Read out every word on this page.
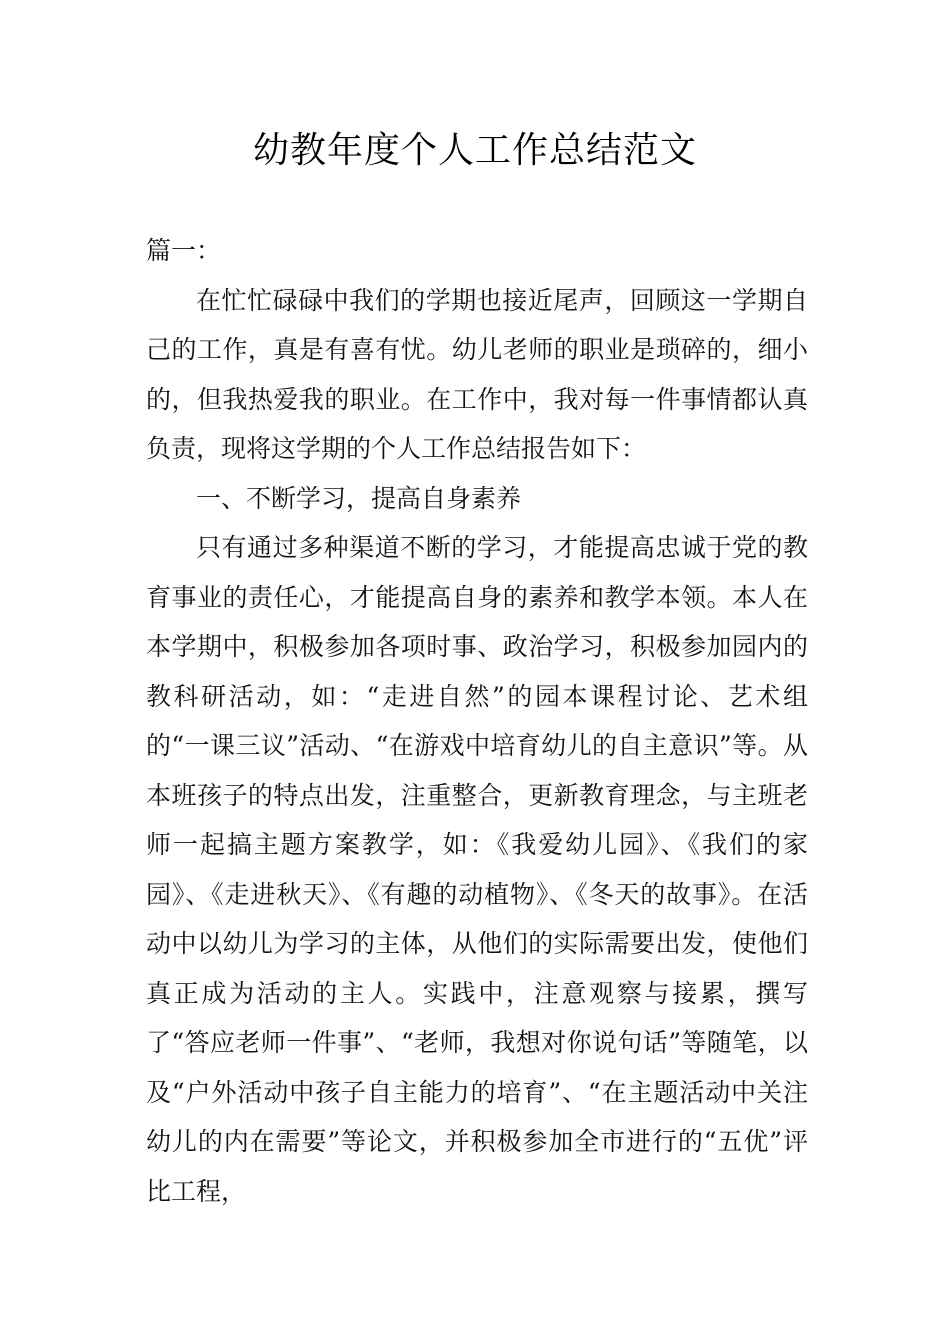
幼教年度个人工作总结范文

篇一：

在忙忙碌碌中我们的学期也接近尾声，回顾这一学期自己的工作，真是有喜有忧。幼儿老师的职业是琐碎的，细小的，但我热爱我的职业。在工作中，我对每一件事情都认真负责，现将这学期的个人工作总结报告如下：

一、不断学习，提高自身素养

只有通过多种渠道不断的学习，才能提高忠诚于党的教育事业的责任心，才能提高自身的素养和教学本领。本人在本学期中，积极参加各项时事、政治学习，积极参加园内的教科研活动，如：“走进自然”的园本课程讨论、艺术组的“一课三议”活动、“在游戏中培育幼儿的自主意识”等。从本班孩子的特点出发，注重整合，更新教育理念，与主班老师一起搞主题方案教学，如：《我爱幼儿园》、《我们的家园》、《走进秋天》、《有趣的动植物》、《冬天的故事》。在活动中以幼儿为学习的主体，从他们的实际需要出发，使他们真正成为活动的主人。实践中，注意观察与接累，撰写了“答应老师一件事”、“老师，我想对你说句话”等随笔，以及“户外活动中孩子自主能力的培育”、“在主题活动中关注幼儿的内在需要”等论文，并积极参加全市进行的“五优”评比工程，
